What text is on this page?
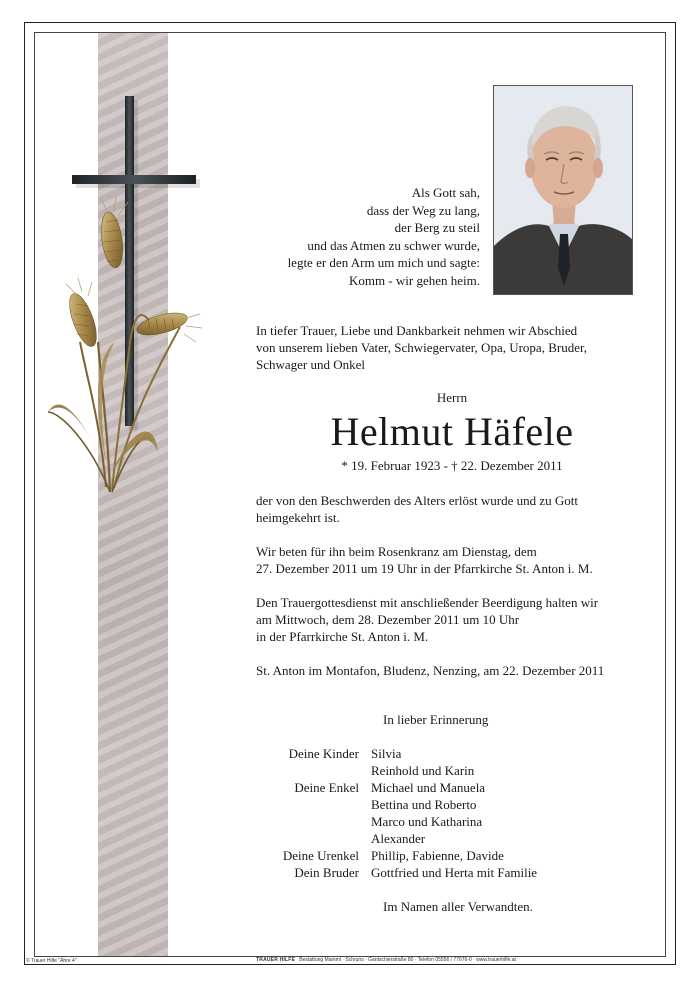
Als Gott sah,
dass der Weg zu lang,
der Berg zu steil
und das Atmen zu schwer wurde,
legte er den Arm um mich und sagte:
Komm - wir gehen heim.
In tiefer Trauer, Liebe und Dankbarkeit nehmen wir Abschied
von unserem lieben Vater, Schwiegervater, Opa, Uropa, Bruder,
Schwager und Onkel
Herrn
Helmut Häfele
* 19. Februar 1923 - † 22. Dezember 2011
der von den Beschwerden des Alters erlöst wurde und zu Gott
heimgekehrt ist.
Wir beten für ihn beim Rosenkranz am Dienstag, dem
27. Dezember 2011 um 19 Uhr in der Pfarrkirche St. Anton i. M.
Den Trauergottesdienst mit anschließender Beerdigung halten wir
am Mittwoch, dem 28. Dezember 2011 um 10 Uhr
in der Pfarrkirche St. Anton i. M.
St. Anton im Montafon, Bludenz, Nenzing, am 22. Dezember 2011
In lieber Erinnerung
Deine Kinder Silvia
Reinhold und Karin
Deine Enkel Michael und Manuela
Bettina und Roberto
Marco und Katharina
Alexander
Deine Urenkel Phillip, Fabienne, Davide
Dein Bruder Gottfried und Herta mit Familie
Im Namen aller Verwandten.
© Trauer Hilfe "Ähre 4"	TRAUER HILFE Bestattung Mamml · Schruns · Gantschierstraße 80 · Telefon 05556 / 77676-0 · www.trauerhilfe.at
